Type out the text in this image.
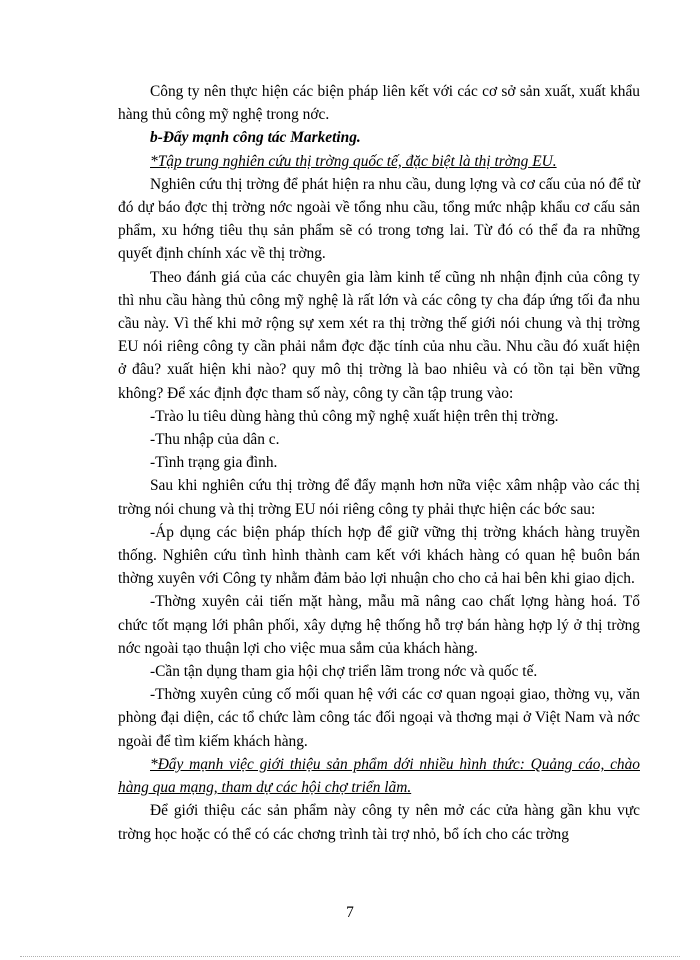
Công ty nên thực hiện các biện pháp liên kết với các cơ sở sản xuất, xuất khẩu hàng thủ công mỹ nghệ trong nớc.

b-Đẩy mạnh công tác Marketing.

*Tập trung nghiên cứu thị trờng quốc tế, đặc biệt là thị trờng EU.

Nghiên cứu thị trờng để phát hiện ra nhu cầu, dung lợng và cơ cấu của nó để từ đó dự báo đợc thị trờng nớc ngoài về tổng nhu cầu, tổng mức nhập khẩu cơ cấu sản phẩm, xu hớng tiêu thụ sản phẩm sẽ có trong tơng lai. Từ đó có thể đa ra những quyết định chính xác về thị trờng.

Theo đánh giá của các chuyên gia làm kinh tế cũng nh nhận định của công ty thì nhu cầu hàng thủ công mỹ nghệ là rất lớn và các công ty cha đáp ứng tối đa nhu cầu này. Vì thế khi mở rộng sự xem xét ra thị trờng thế giới nói chung và thị trờng EU nói riêng công ty cần phải nắm đợc đặc tính của nhu cầu. Nhu cầu đó xuất hiện ở đâu? xuất hiện khi nào? quy mô thị trờng là bao nhiêu và có tồn tại bền vững không? Để xác định đợc tham số này, công ty cần tập trung vào:

-Trào lu tiêu dùng hàng thủ công mỹ nghệ xuất hiện trên thị trờng.

-Thu nhập của dân c.

-Tình trạng gia đình.

Sau khi nghiên cứu thị trờng để đẩy mạnh hơn nữa việc xâm nhập vào các thị trờng nói chung và thị trờng EU nói riêng công ty phải thực hiện các bớc sau:

-Áp dụng các biện pháp thích hợp để giữ vững thị trờng khách hàng truyền thống. Nghiên cứu tình hình thành cam kết với khách hàng có quan hệ buôn bán thờng xuyên với Công ty nhằm đảm bảo lợi nhuận cho cho cả hai bên khi giao dịch.

-Thờng xuyên cải tiến mặt hàng, mẫu mã nâng cao chất lợng hàng hoá. Tổ chức tốt mạng lới phân phối, xây dựng hệ thống hỗ trợ bán hàng hợp lý ở thị trờng nớc ngoài tạo thuận lợi cho việc mua sắm của khách hàng.

-Cần tận dụng tham gia hội chợ triển lãm trong nớc và quốc tế.

-Thờng xuyên củng cố mối quan hệ với các cơ quan ngoại giao, thờng vụ, văn phòng đại diện, các tổ chức làm công tác đối ngoại và thơng mại ở Việt Nam và nớc ngoài để tìm kiếm khách hàng.

*Đẩy mạnh việc giới thiệu sản phẩm dới nhiều hình thức: Quảng cáo, chào hàng qua mạng, tham dự các hội chợ triển lãm.

Để giới thiệu các sản phẩm này công ty nên mở các cửa hàng gần khu vực trờng học hoặc có thể có các chơng trình tài trợ nhỏ, bổ ích cho các trờng

7
